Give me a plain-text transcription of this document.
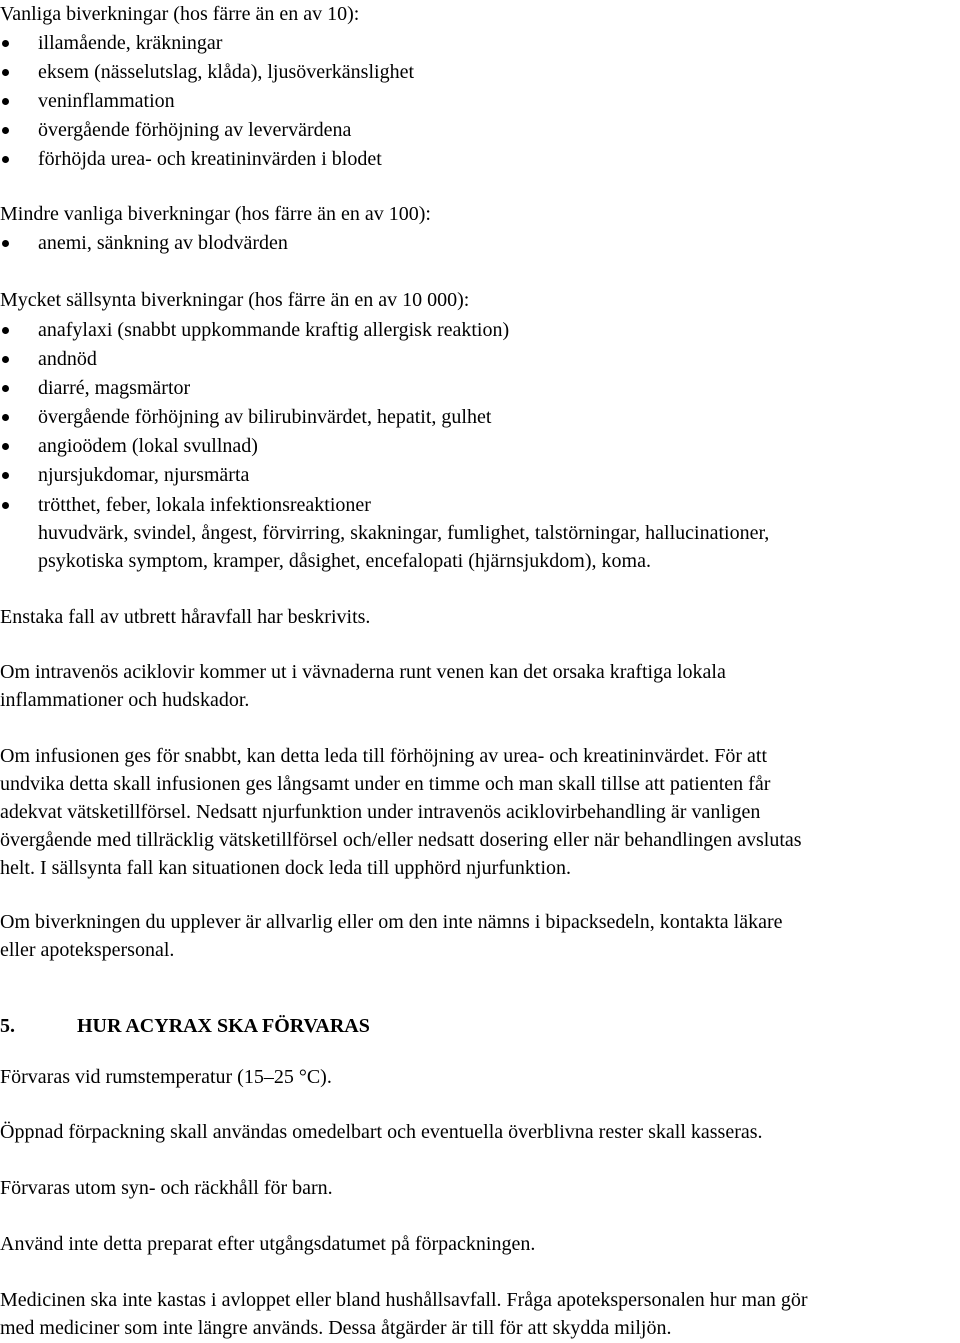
Vanliga biverkningar (hos färre än en av 10):
illamående, kräkningar
eksem (nässelutslag, klåda), ljusöverkänslighet
veninflammation
övergående förhöjning av levervärdena
förhöjda urea- och kreatininvärden i blodet
Mindre vanliga biverkningar (hos färre än en av 100):
anemi, sänkning av blodvärden
Mycket sällsynta biverkningar (hos färre än en av 10 000):
anafylaxi (snabbt uppkommande kraftig allergisk reaktion)
andnöd
diarré, magsmärtor
övergående förhöjning av bilirubinvärdet, hepatit, gulhet
angioödem (lokal svullnad)
njursjukdomar, njursmärta
trötthet, feber, lokala infektionsreaktioner
huvudvärk, svindel, ångest, förvirring, skakningar, fumlighet, talstörningar, hallucinationer,
psykotiska symptom, kramper, dåsighet, encefalopati (hjärnsjukdom), koma.
Enstaka fall av utbrett håravfall har beskrivits.
Om intravenös aciklovir kommer ut i vävnaderna runt venen kan det orsaka kraftiga lokala
inflammationer och hudskador.
Om infusionen ges för snabbt, kan detta leda till förhöjning av urea- och kreatininvärdet. För att
undvika detta skall infusionen ges långsamt under en timme och man skall tillse att patienten får
adekvat vätsketillförsel. Nedsatt njurfunktion under intravenös aciklovirbehandling är vanligen
övergående med tillräcklig vätsketillförsel och/eller nedsatt dosering eller när behandlingen avslutas
helt. I sällsynta fall kan situationen dock leda till upphörd njurfunktion.
Om biverkningen du upplever är allvarlig eller om den inte nämns i bipacksedeln, kontakta läkare
eller apotekspersonal.
5.	HUR ACYRAX SKA FÖRVARAS
Förvaras vid rumstemperatur (15–25 °C).
Öppnad förpackning skall användas omedelbart och eventuella överblivna rester skall kasseras.
Förvaras utom syn- och räckhåll för barn.
Använd inte detta preparat efter utgångsdatumet på förpackningen.
Medicinen ska inte kastas i avloppet eller bland hushållsavfall. Fråga apotekspersonalen hur man gör
med mediciner som inte längre används. Dessa åtgärder är till för att skydda miljön.
